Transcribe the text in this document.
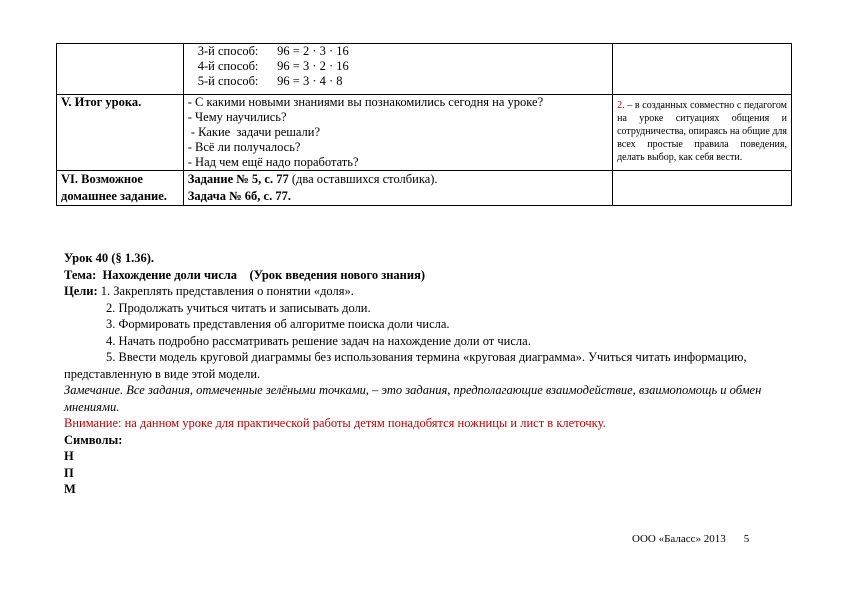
	3-й способ:      96 = 2 · 3 · 16
4-й способ:      96 = 3 · 2 · 16
5-й способ:      96 = 3 · 4 · 8	

V. Итог урока.	- С какими новыми знаниями вы познакомились сегодня на уроке?
- Чему научились?
- Какие  задачи решали?
- Всё ли получалось?
- Над чем ещё надо поработать?	2. – в созданных совместно с педагогом на уроке ситуациях общения и сотрудничества, опираясь на общие для всех простые правила поведения, делать выбор, как себя вести.

VI. Возможное домашнее задание.	Задание № 5, с. 77 (два оставшихся столбика).
Задача № 6б, с. 77.	

Урок 40 (§ 1.36).
Тема:  Нахождение доли числа    (Урок введения нового знания)
Цели: 1. Закреплять представления о понятии «доля».
2. Продолжать учиться читать и записывать доли.
3. Формировать представления об алгоритме поиска доли числа.
4. Начать подробно рассматривать решение задач на нахождение доли от числа.
5. Ввести модель круговой диаграммы без использования термина «круговая диаграмма». Учиться читать информацию, представленную в виде этой модели.
Замечание. Все задания, отмеченные зелёными точками, – это задания, предполагающие взаимодействие, взаимопомощь и обмен мнениями.
Внимание: на данном уроке для практической работы детям понадобятся ножницы и лист в клеточку.
Символы:
Н
П
М
ООО «Баласс» 2013 5
